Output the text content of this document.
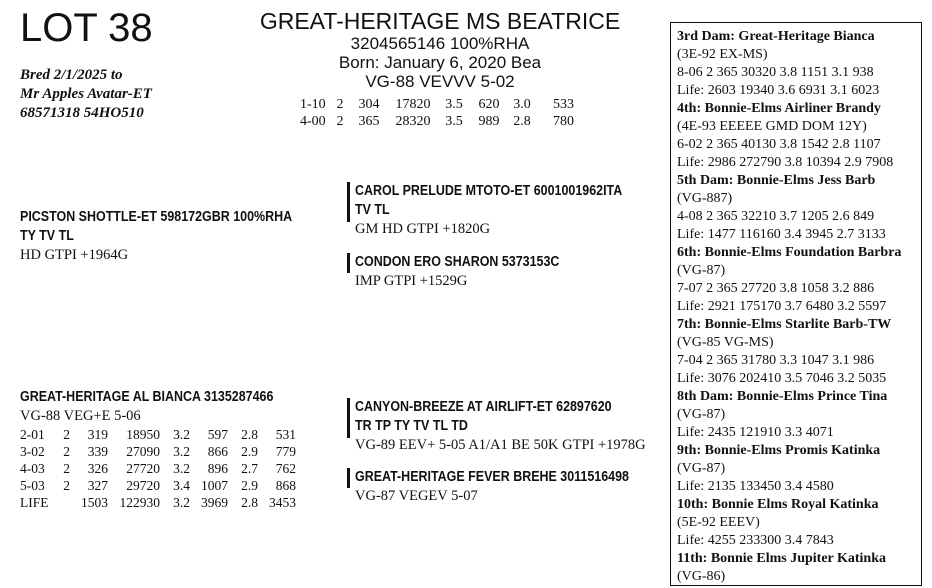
LOT 38
Bred 2/1/2025 to
Mr Apples Avatar-ET
68571318 54HO510
GREAT-HERITAGE MS BEATRICE
3204565146 100%RHA
Born: January 6, 2020 Bea
VG-88 VEVVV 5-02
1-10 2 304 17820 3.5 620 3.0 533
4-00 2 365 28320 3.5 989 2.8 780
PICSTON SHOTTLE-ET 598172GBR 100%RHA
TY TV TL
HD GTPI +1964G
CAROL PRELUDE MTOTO-ET 6001001962ITA
TV TL
GM HD GTPI +1820G
CONDON ERO SHARON 5373153C
IMP GTPI +1529G
GREAT-HERITAGE AL BIANCA 3135287466
VG-88 VEG+E 5-06
2-01 2 319 18950 3.2 597 2.8 531
3-02 2 339 27090 3.2 866 2.9 779
4-03 2 326 27720 3.2 896 2.7 762
5-03 2 327 29720 3.4 1007 2.9 868
LIFE 1503 122930 3.2 3969 2.8 3453
CANYON-BREEZE AT AIRLIFT-ET 62897620
TR TP TY TV TL TD
VG-89 EEV+ 5-05 A1/A1 BE 50K GTPI +1978G
GREAT-HERITAGE FEVER BREHE 3011516498
VG-87 VEGEV 5-07
3rd Dam: Great-Heritage Bianca
(3E-92 EX-MS)
8-06 2 365 30320 3.8 1151 3.1 938
Life: 2603 19340 3.6 6931 3.1 6023
4th: Bonnie-Elms Airliner Brandy
(4E-93 EEEEE GMD DOM 12Y)
6-02 2 365 40130 3.8 1542 2.8 1107
Life: 2986 272790 3.8 10394 2.9 7908
5th Dam: Bonnie-Elms Jess Barb
(VG-887)
4-08 2 365 32210 3.7 1205 2.6 849
Life: 1477 116160 3.4 3945 2.7 3133
6th: Bonnie-Elms Foundation Barbra
(VG-87)
7-07 2 365 27720 3.8 1058 3.2 886
Life: 2921 175170 3.7 6480 3.2 5597
7th: Bonnie-Elms Starlite Barb-TW
(VG-85 VG-MS)
7-04 2 365 31780 3.3 1047 3.1 986
Life: 3076 202410 3.5 7046 3.2 5035
8th Dam: Bonnie-Elms Prince Tina
(VG-87)
Life: 2435 121910 3.3 4071
9th: Bonnie-Elms Promis Katinka
(VG-87)
Life: 2135 133450 3.4 4580
10th: Bonnie Elms Royal Katinka
(5E-92 EEEV)
Life: 4255 233300 3.4 7843
11th: Bonnie Elms Jupiter Katinka
(VG-86)
